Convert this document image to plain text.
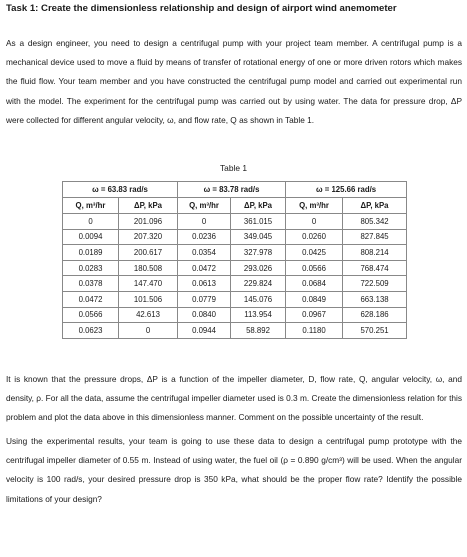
Task 1: Create the dimensionless relationship and design of airport wind anemometer

As a design engineer, you need to design a centrifugal pump with your project team member. A centrifugal pump is a mechanical device used to move a fluid by means of transfer of rotational energy of one or more driven rotors which makes the fluid flow. Your team member and you have constructed the centrifugal pump model and carried out experimental run with the model. The experiment for the centrifugal pump was carried out by using water. The data for pressure drop, ΔP were collected for different angular velocity, ω, and flow rate, Q as shown in Table 1.

Table 1
ω = 63.83 rad/s		ω = 83.78 rad/s		ω = 125.66 rad/s	
Q, m³/hr	ΔP, kPa	Q, m³/hr	ΔP, kPa	Q, m³/hr	ΔP, kPa
0	201.096	0	361.015	0	805.342
0.0094	207.320	0.0236	349.045	0.0260	827.845
0.0189	200.617	0.0354	327.978	0.0425	808.214
0.0283	180.508	0.0472	293.026	0.0566	768.474
0.0378	147.470	0.0613	229.824	0.0684	722.509
0.0472	101.506	0.0779	145.076	0.0849	663.138
0.0566	42.613	0.0840	113.954	0.0967	628.186
0.0623	0	0.0944	58.892	0.1180	570.251

It is known that the pressure drops, ΔP is a function of the impeller diameter, D, flow rate, Q, angular velocity, ω, and density, ρ. For all the data, assume the centrifugal impeller diameter used is 0.3 m. Create the dimensionless relation for this problem and plot the data above in this dimensionless manner. Comment on the possible uncertainty of the result.

Using the experimental results, your team is going to use these data to design a centrifugal pump prototype with the centrifugal impeller diameter of 0.55 m. Instead of using water, the fuel oil (ρ = 0.890 g/cm³) will be used. When the angular velocity is 100 rad/s, your desired pressure drop is 350 kPa, what should be the proper flow rate? Identify the possible limitations of your design?
